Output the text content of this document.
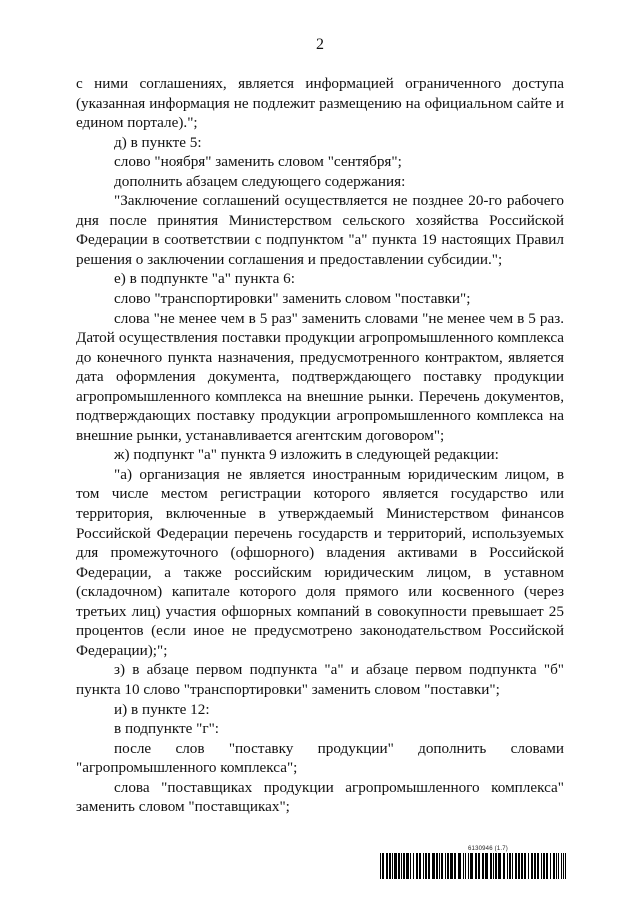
2

с ними соглашениях, является информацией ограниченного доступа (указанная информация не подлежит размещению на официальном сайте и едином портале).";

д) в пункте 5:

слово "ноября" заменить словом "сентября";

дополнить абзацем следующего содержания:

"Заключение соглашений осуществляется не позднее 20-го рабочего дня после принятия Министерством сельского хозяйства Российской Федерации в соответствии с подпунктом "а" пункта 19 настоящих Правил решения о заключении соглашения и предоставлении субсидии.";

е) в подпункте "а" пункта 6:

слово "транспортировки" заменить словом "поставки";

слова "не менее чем в 5 раз" заменить словами "не менее чем в 5 раз. Датой осуществления поставки продукции агропромышленного комплекса до конечного пункта назначения, предусмотренного контрактом, является дата оформления документа, подтверждающего поставку продукции агропромышленного комплекса на внешние рынки. Перечень документов, подтверждающих поставку продукции агропромышленного комплекса на внешние рынки, устанавливается агентским договором";

ж) подпункт "а" пункта 9 изложить в следующей редакции:

"а) организация не является иностранным юридическим лицом, в том числе местом регистрации которого является государство или территория, включенные в утверждаемый Министерством финансов Российской Федерации перечень государств и территорий, используемых для промежуточного (офшорного) владения активами в Российской Федерации, а также российским юридическим лицом, в уставном (складочном) капитале которого доля прямого или косвенного (через третьих лиц) участия офшорных компаний в совокупности превышает 25 процентов (если иное не предусмотрено законодательством Российской Федерации);";

з) в абзаце первом подпункта "а" и абзаце первом подпункта "б" пункта 10 слово "транспортировки" заменить словом "поставки";

и) в пункте 12:

в подпункте "г":

после слов "поставку продукции" дополнить словами "агропромышленного комплекса";

слова "поставщиках продукции агропромышленного комплекса" заменить словом "поставщиках";

6130946 (1.7)
